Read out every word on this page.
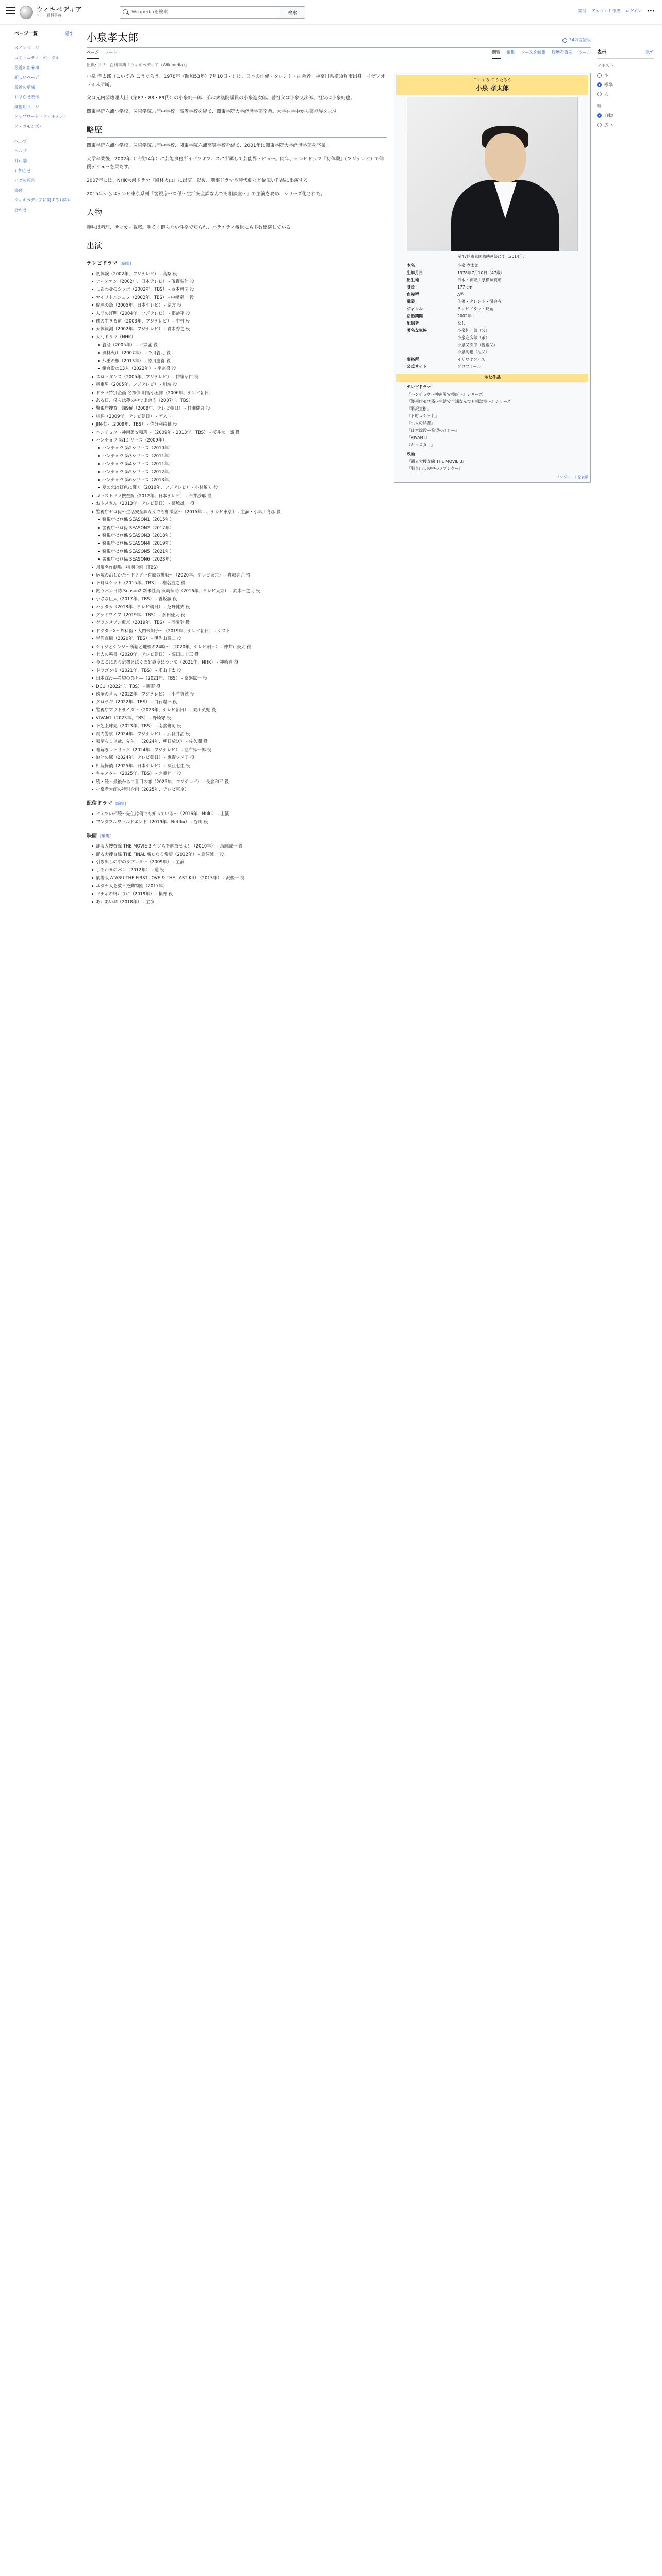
ウィキペディア
フリー百科事典
Wikipediaを検索	検索	寄付 アカウント作成 ログイン •••
ページ一覧	隠す
メインページ
コミュニティ・ポータル
最近の出来事
新しいページ
最近の更新
おまかせ表示
練習用ページ
アップロード（ウィキメディア・コモンズ）
ヘルプ
ヘルプ
井戸端
お知らせ
バグの報告
寄付
ウィキペディアに関するお問い合わせ
表示	隠す
テキスト
小
標準
大
幅
自動
広い
小泉孝太郎	34の言語版
ページ ノート	閲覧 編集 ソースを編集 履歴を表示 ツール
出典: フリー百科事典『ウィキペディア（Wikipedia）』

小泉 孝太郎（こいずみ こうたろう、1978年（昭和53年）7月10日 - ）は、日本の俳優・タレント・司会者。神奈川県横須賀市出身。イザワオフィス所属。

父は元内閣総理大臣（第87・88・89代）の小泉純一郎、弟は衆議院議員の小泉進次郎。曾祖父は小泉又次郎、祖父は小泉純也。

関東学院六浦小学校、関東学院六浦中学校・高等学校を経て、関東学院大学経済学部卒業。大学在学中から芸能界を志す。

略歴

関東学院六浦小学校、関東学院六浦中学校、関東学院六浦高等学校を経て、2001年に関東学院大学経済学部を卒業。

大学卒業後、2002年（平成14年）に芸能事務所イザワオフィスに所属して芸能界デビュー。同年、テレビドラマ『初体験』（フジテレビ）で俳優デビューを果たす。

2007年には、NHK大河ドラマ『風林火山』に出演。以後、刑事ドラマや時代劇など幅広い作品に出演する。

2015年からはテレビ東京系列『警視庁ゼロ係〜生活安全課なんでも相談室〜』で主演を務め、シリーズ化された。

人物

趣味は料理、サッカー観戦。明るく飾らない性格で知られ、バラエティ番組にも多数出演している。

出演
テレビドラマ [編集]
初体験（2002年、フジテレビ） - 高梨 役
ナースマン（2002年、日本テレビ） - 茂野弘信 役
しあわせのシッポ（2002年、TBS） - 西本毅司 役
マイリトルシェフ（2002年、TBS） - 中嶋竜一 役
瑠璃の島（2005年、日本テレビ） - 緒方 役
人間の証明（2004年、フジテレビ） - 郡恭平 役
僕の生きる道（2003年、フジテレビ） - 中村 役
天体観測（2002年、フジテレビ） - 青木秀之 役
大河ドラマ（NHK）
義経（2005年） - 平宗盛 役
風林火山（2007年） - 今川義元 役
八重の桜（2013年） - 徳川慶喜 役
鎌倉殿の13人（2022年） - 平宗盛 役
スローダンス（2005年、フジテレビ） - 仲嶺昭仁 役
電車男（2005年、フジテレビ） - 川端 役
ドラマ特別企画 名探偵 明智小五郎（2006年、テレビ朝日）
ある日、僕らは夢の中で出会う（2007年、TBS）
警視庁捜査一課9係（2008年、テレビ朝日） - 村瀬健吾 役
相棒（2009年、テレビ朝日） - ゲスト
JIN-仁-（2009年、TBS） - 佐分利祐輔 役
ハンチョウ〜神南署安積班〜（2009年 - 2013年、TBS） - 桜井太一郎 役
ハンチョウ 第1シリーズ（2009年）
ハンチョウ 第2シリーズ（2010年）
ハンチョウ 第3シリーズ（2011年）
ハンチョウ 第4シリーズ（2011年）
ハンチョウ 第5シリーズ（2012年）
ハンチョウ 第6シリーズ（2013年）
夏の恋は虹色に輝く（2010年、フジテレビ） - 小林敏夫 役
ゴーストママ捜査線（2012年、日本テレビ） - 石井沙耶 役
おトメさん（2013年、テレビ朝日） - 葛城雄一 役
警視庁ゼロ係〜生活安全課なんでも相談室〜（2015年 - 、テレビ東京） - 主演・小早川冬彦 役
警視庁ゼロ係 SEASON1（2015年）
警視庁ゼロ係 SEASON2（2017年）
警視庁ゼロ係 SEASON3（2018年）
警視庁ゼロ係 SEASON4（2019年）
警視庁ゼロ係 SEASON5（2021年）
警視庁ゼロ係 SEASON6（2023年）
月曜名作劇場・特別企画（TBS）
病院の治しかた〜ドクター有原の挑戦〜（2020年、テレビ東京） - 倉嶋亮介 役
下町ロケット（2015年、TBS） - 椎名直之 役
釣りバカ日誌 Season2 新米社員 浜崎伝助（2016年、テレビ東京） - 鈴木一之助 役
小さな巨人（2017年、TBS） - 香坂誠 役
ハゲタカ（2018年、テレビ朝日） - 芝野健夫 役
グッドワイフ（2019年、TBS） - 多田征大 役
グランメゾン東京（2019年、TBS） - 丹後学 役
ドクターX〜外科医・大門未知子〜（2019年、テレビ朝日） - ゲスト
半沢直樹（2020年、TBS） - 伊佐山泰二 役
ケイジとケンジ〜所轄と地検の24時〜（2020年、テレビ朝日） - 仲井戸豪太 役
七人の秘書（2020年、テレビ朝日） - 粟田口十三 役
今ここにある危機とぼくの好感度について（2021年、NHK） - 神崎真 役
ドラゴン桜（2021年、TBS） - 米山圭太 役
日本沈没―希望のひと―（2021年、TBS） - 常盤紘一 役
DCU（2022年、TBS） - 西野 役
競争の番人（2022年、フジテレビ） - 小勝負勉 役
クロサギ（2022年、TBS） - 白石陽一 役
警視庁アウトサイダー（2023年、テレビ朝日） - 架川英児 役
VIVANT（2023年、TBS） - 野崎守 役
下剋上球児（2023年、TBS） - 南雲脩司 役
院内警察（2024年、フジテレビ） - 武良井治 役
素晴らしき哉、先生！（2024年、朝日放送） - 佐久間 役
嘘解きレトリック（2024年、フジテレビ） - 左右馬一郎 役
無能の鷹（2024年、テレビ朝日） - 鷹野ツメ子 役
相続探偵（2025年、日本テレビ） - 灰江七生 役
キャスター（2025年、TBS） - 進藤壮一 役
続・続・最後から二番目の恋（2025年、フジテレビ） - 長倉和平 役
小泉孝太郎の特別企画（2025年、テレビ東京）
配信ドラマ [編集]
ヒミツの相続〜先生は何でも知っている〜（2016年、Hulu） - 主演
ワンダフルワールドエンド（2019年、Netflix） - 谷川 役
映画 [編集]
踊る大捜査線 THE MOVIE 3 ヤツらを解放せよ！（2010年） - 鳥飼誠一 役
踊る大捜査線 THE FINAL 新たなる希望（2012年） - 鳥飼誠一 役
引き出しの中のラブレター（2009年） - 主演
しあわせのパン（2012年） - 道 役
劇場版 ATARU THE FIRST LOVE & THE LAST KILL（2013年） - 沢俊一 役
ユダヤ人を救った動物園（2017年）
マチネの終わりに（2019年） - 槙野 役
あいあい傘（2018年） - 主演
こいずみ こうたろう
小泉 孝太郎
第47回東京国際映画祭にて（2014年）
本名	小泉 孝太郎
生年月日	1978年7月10日（47歳）
出生地	日本・神奈川県横須賀市
身長	177 cm
血液型	A型
職業	俳優・タレント・司会者
ジャンル	テレビドラマ・映画
活動期間	2002年 -
配偶者	なし
著名な家族	小泉純一郎（父）
小泉進次郎（弟）
小泉又次郎（曾祖父）
小泉純也（祖父）
事務所	イザワオフィス
公式サイト	プロフィール
主な作品
テレビドラマ
『ハンチョウ〜神南署安積班〜』シリーズ
『警視庁ゼロ係〜生活安全課なんでも相談室〜』シリーズ
『半沢直樹』
『下町ロケット』
『七人の秘書』
『日本沈没―希望のひと―』
『VIVANT』
『キャスター』
映画
『踊る大捜査線 THE MOVIE 3』
『引き出しの中のラブレター』
テンプレートを表示
